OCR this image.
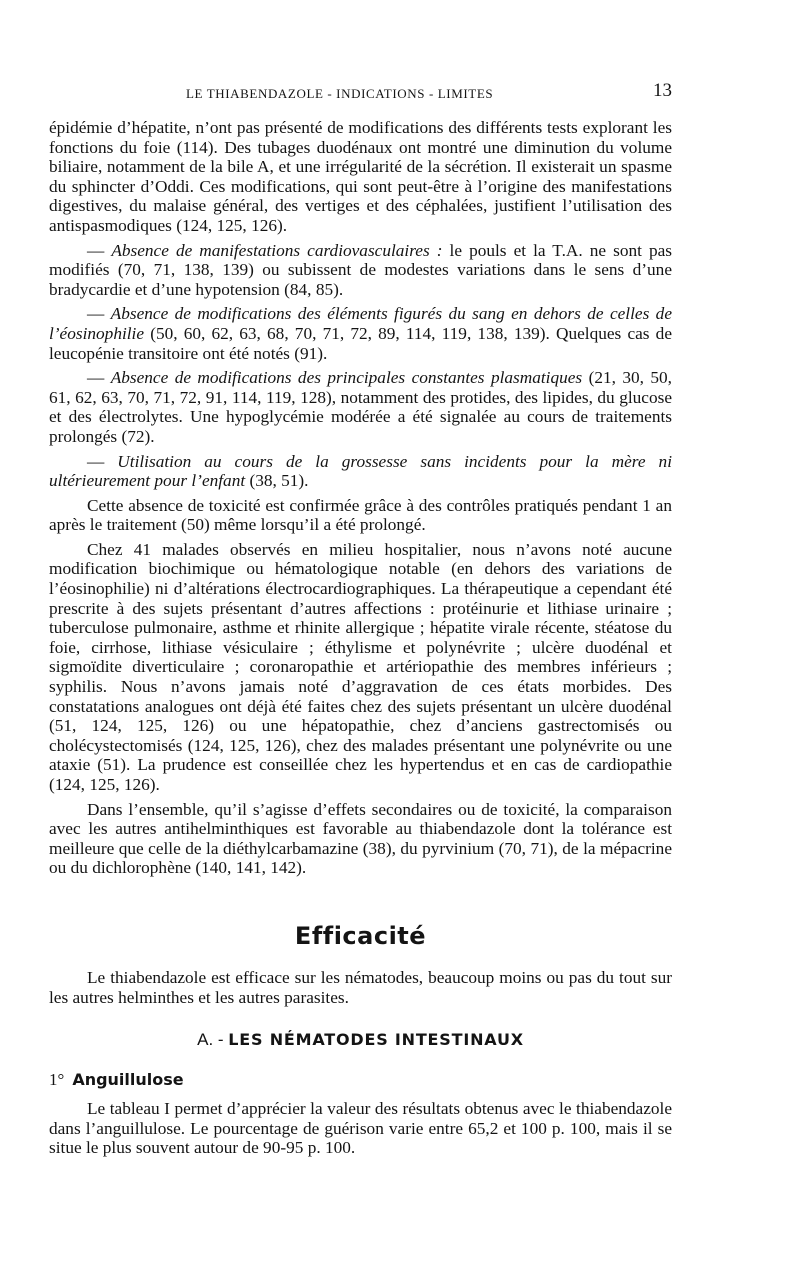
LE THIABENDAZOLE - INDICATIONS - LIMITES	13

épidémie d’hépatite, n’ont pas présenté de modifications des différents tests explorant les fonctions du foie (114). Des tubages duodénaux ont montré une diminution du volume biliaire, notamment de la bile A, et une irrégularité de la sécrétion. Il existerait un spasme du sphincter d’Oddi. Ces modifications, qui sont peut-être à l’origine des manifestations digestives, du malaise général, des vertiges et des céphalées, justifient l’utilisation des antispasmodiques (124, 125, 126).

— Absence de manifestations cardiovasculaires : le pouls et la T.A. ne sont pas modifiés (70, 71, 138, 139) ou subissent de modestes variations dans le sens d’une bradycardie et d’une hypotension (84, 85).

— Absence de modifications des éléments figurés du sang en dehors de celles de l’éosinophilie (50, 60, 62, 63, 68, 70, 71, 72, 89, 114, 119, 138, 139). Quelques cas de leucopénie transitoire ont été notés (91).

— Absence de modifications des principales constantes plasmatiques (21, 30, 50, 61, 62, 63, 70, 71, 72, 91, 114, 119, 128), notamment des protides, des lipides, du glucose et des électrolytes. Une hypoglycémie modérée a été signalée au cours de traitements prolongés (72).

— Utilisation au cours de la grossesse sans incidents pour la mère ni ultérieurement pour l’enfant (38, 51).

Cette absence de toxicité est confirmée grâce à des contrôles pratiqués pendant 1 an après le traitement (50) même lorsqu’il a été prolongé.

Chez 41 malades observés en milieu hospitalier, nous n’avons noté aucune modification biochimique ou hématologique notable (en dehors des variations de l’éosinophilie) ni d’altérations électrocardiographiques. La thérapeutique a cependant été prescrite à des sujets présentant d’autres affections : protéinurie et lithiase urinaire ; tuberculose pulmonaire, asthme et rhinite allergique ; hépatite virale récente, stéatose du foie, cirrhose, lithiase vésiculaire ; éthylisme et polynévrite ; ulcère duodénal et sigmoïdite diverticulaire ; coronaropathie et artériopathie des membres inférieurs ; syphilis. Nous n’avons jamais noté d’aggravation de ces états morbides. Des constatations analogues ont déjà été faites chez des sujets présentant un ulcère duodénal (51, 124, 125, 126) ou une hépatopathie, chez d’anciens gastrectomisés ou cholécystectomisés (124, 125, 126), chez des malades présentant une polynévrite ou une ataxie (51). La prudence est conseillée chez les hypertendus et en cas de cardiopathie (124, 125, 126).

Dans l’ensemble, qu’il s’agisse d’effets secondaires ou de toxicité, la comparaison avec les autres antihelminthiques est favorable au thiabendazole dont la tolérance est meilleure que celle de la diéthylcarbamazine (38), du pyrvinium (70, 71), de la mépacrine ou du dichlorophène (140, 141, 142).

Efficacité

Le thiabendazole est efficace sur les nématodes, beaucoup moins ou pas du tout sur les autres helminthes et les autres parasites.

A. - LES NÉMATODES INTESTINAUX
1° Anguillulose

Le tableau I permet d’apprécier la valeur des résultats obtenus avec le thiabendazole dans l’anguillulose. Le pourcentage de guérison varie entre 65,2 et 100 p. 100, mais il se situe le plus souvent autour de 90-95 p. 100.
